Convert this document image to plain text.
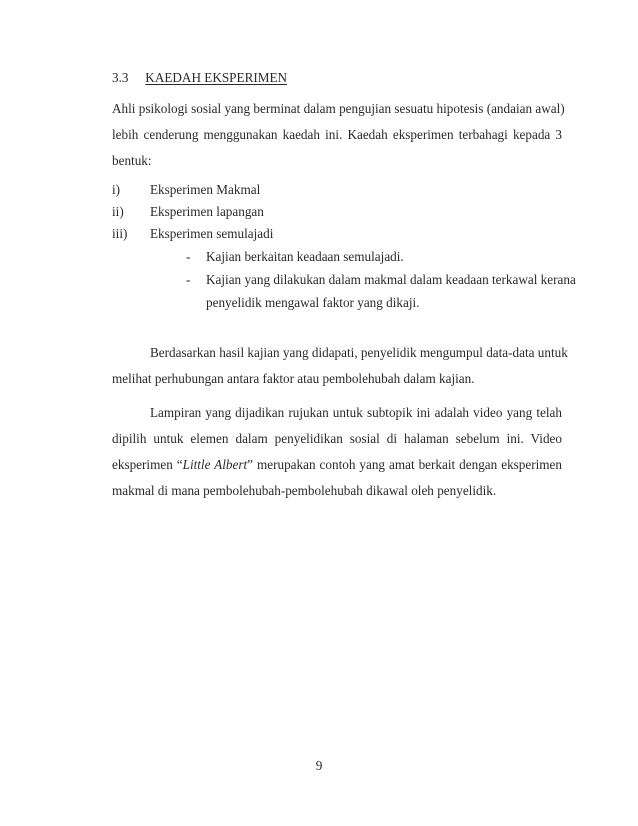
3.3 KAEDAH EKSPERIMEN
Ahli psikologi sosial yang berminat dalam pengujian sesuatu hipotesis (andaian awal)
lebih cenderung menggunakan kaedah ini. Kaedah eksperimen terbahagi kepada 3
bentuk:
i) Eksperimen Makmal
ii) Eksperimen lapangan
iii) Eksperimen semulajadi
- Kajian berkaitan keadaan semulajadi.
- Kajian yang dilakukan dalam makmal dalam keadaan terkawal kerana
penyelidik mengawal faktor yang dikaji.
Berdasarkan hasil kajian yang didapati, penyelidik mengumpul data-data untuk
melihat perhubungan antara faktor atau pembolehubah dalam kajian.
Lampiran yang dijadikan rujukan untuk subtopik ini adalah video yang telah
dipilih untuk elemen dalam penyelidikan sosial di halaman sebelum ini. Video
eksperimen “Little Albert” merupakan contoh yang amat berkait dengan eksperimen
makmal di mana pembolehubah-pembolehubah dikawal oleh penyelidik.
9
